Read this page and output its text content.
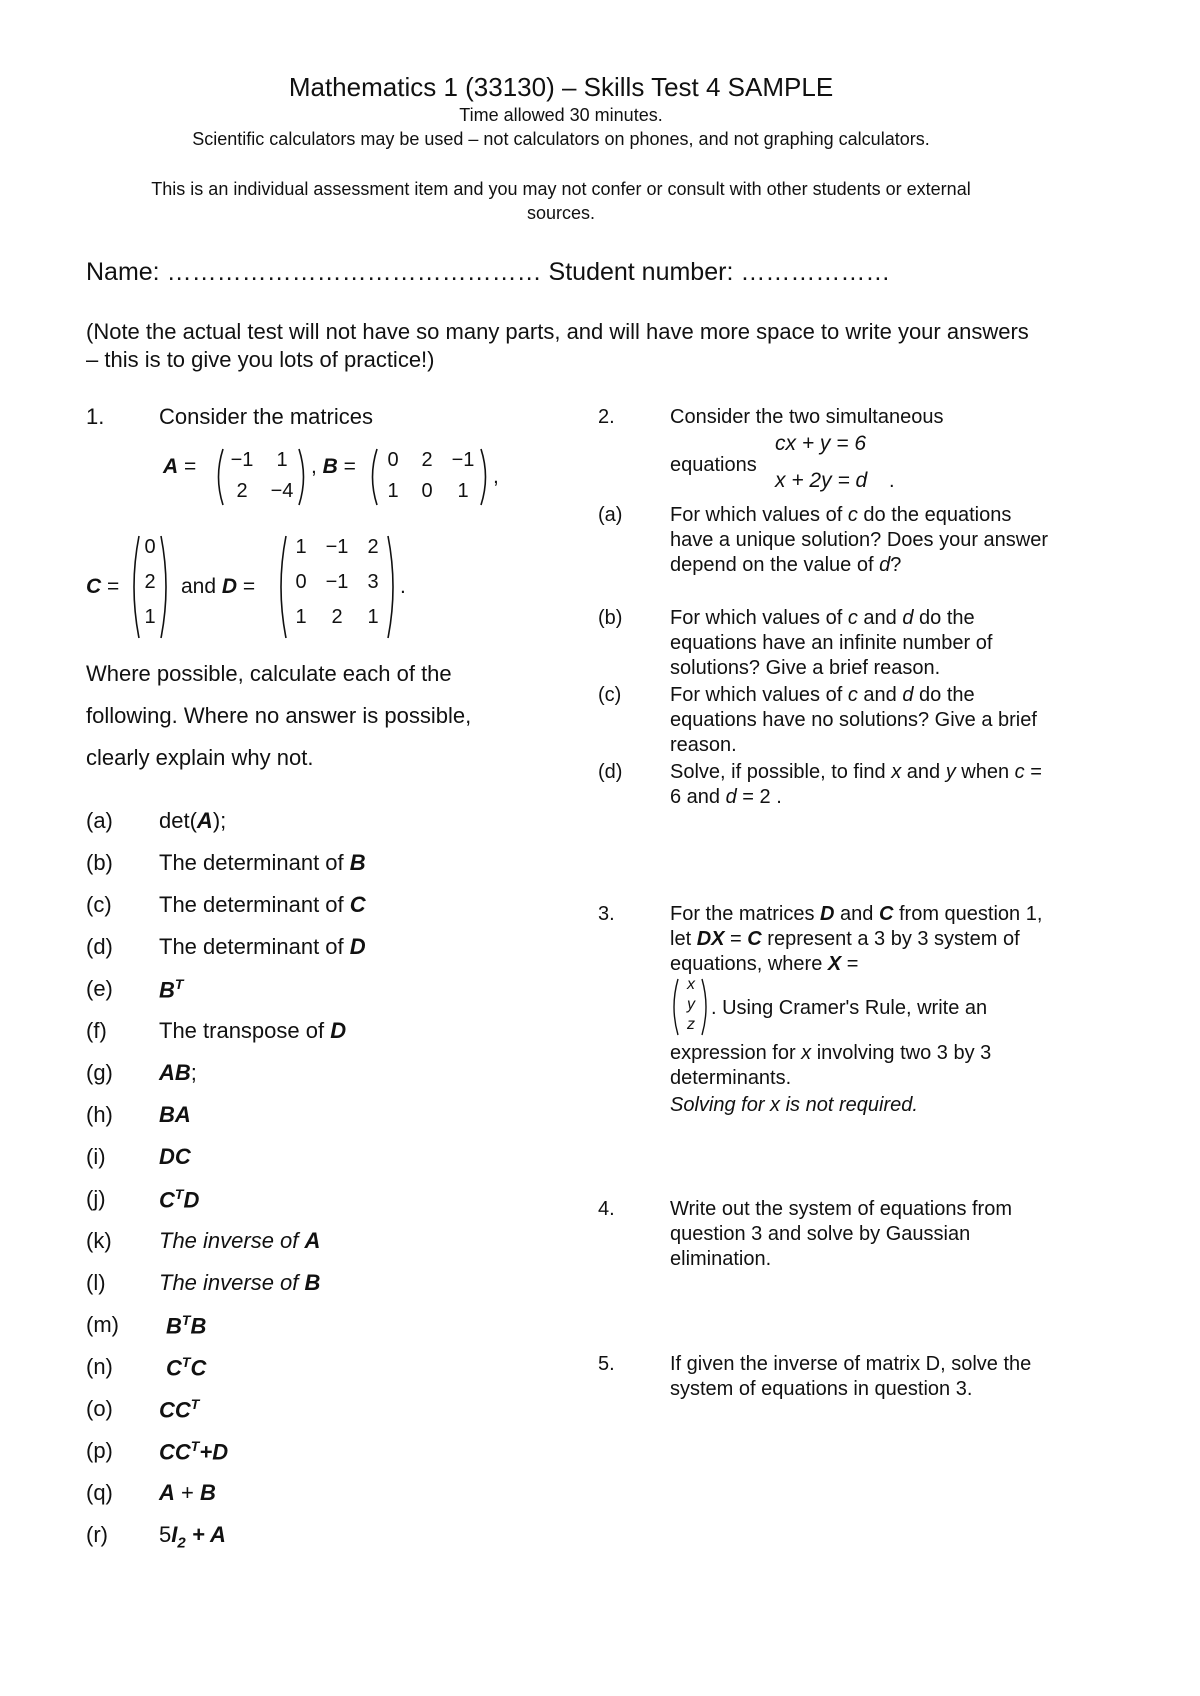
Mathematics 1 (33130) – Skills Test 4 SAMPLE
Time allowed 30 minutes.
Scientific calculators may be used – not calculators on phones, and not graphing calculators.
This is an individual assessment item and you may not confer or consult with other students or external
sources.
Name: ……………………………………… Student number: ………………
(Note the actual test will not have so many parts, and will have more space to write your answers – this is to give you lots of practice!)
1. Consider the matrices
A =	−1	1
2	−4
, B =	0	2 −1
1	0	1
,
C =
0
2
1
and D =
1 −1 2
0 −1 3
1	2	1
.
Where possible, calculate each of the
following. Where no answer is possible,
clearly explain why not.
(a) det(A);
(b) The determinant of B
(c) The determinant of C
(d) The determinant of D
(e) $B^T$
(f) The transpose of D
(g) AB;
(h) BA
(i) DC
(j) $C^TD$
(k) The inverse of A
(l) The inverse of B
(m) $B^TB$
(n) $C^TC$
(o) $CC^T$
(p) $CC^T+D$
(q) A + B
(r) $5I_2 + A$
2.	Consider the two simultaneous
equations
cx + y = 6
x + 2y = d .
(a) For which values of c do the equations have a unique solution? Does your answer depend on the value of d?
(b) For which values of c and d do the equations have an infinite number of solutions? Give a brief reason.
(c) For which values of c and d do the equations have no solutions? Give a brief reason.
(d) Solve, if possible, to find x and y when c = 6 and d = 2 .
3.	For the matrices D and C from question 1, let DX = C represent a 3 by 3 system of equations, where X =
x
y
z
. Using Cramer's Rule, write an
expression for x involving two 3 by 3 determinants.
Solving for x is not required.
4.	Write out the system of equations from question 3 and solve by Gaussian elimination.
5.	If given the inverse of matrix D, solve the system of equations in question 3.
